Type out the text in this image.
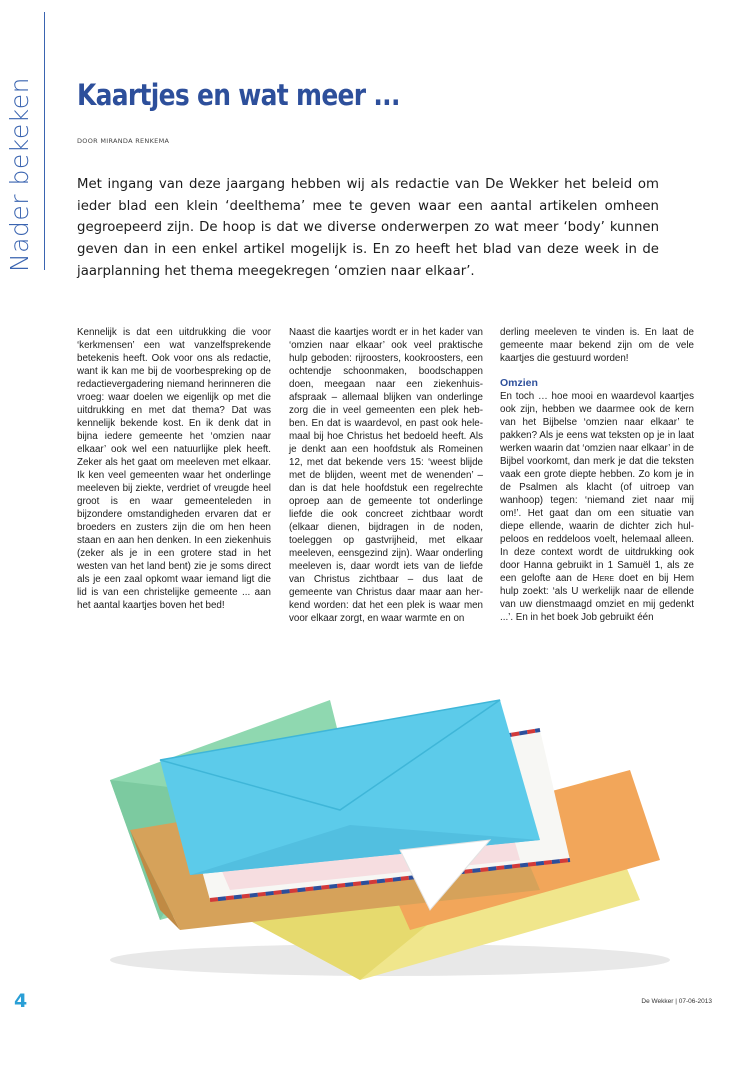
Nader bekeken Kaartjes en wat meer ...
DOOR MIRANDA RENKEMA

Met ingang van deze jaargang hebben wij als redactie van De Wekker het beleid om ieder blad een klein ‘deelthema’ mee te geven waar een aantal artikelen omheen gegroepeerd zijn. De hoop is dat we diverse onderwerpen zo wat meer ‘body’ kunnen geven dan in een enkel artikel mogelijk is. En zo heeft het blad van deze week in de jaarplanning het thema meegekregen ‘omzien naar elkaar’.

Kennelijk is dat een uitdrukking die voor ‘kerkmensen’ een wat vanzelfsprekende betekenis heeft. Ook voor ons als redactie, want ik kan me bij de voorbespreking op de redactievergadering niemand herinneren die vroeg: waar doelen we eigenlijk op met die uitdrukking en met dat thema? Dat was kennelijk bekende kost. En ik denk dat in bijna iedere gemeente het ‘omzien naar elkaar’ ook wel een natuurlijke plek heeft. Zeker als het gaat om meeleven met elkaar. Ik ken veel gemeenten waar het onderlinge meeleven bij ziekte, verdriet of vreugde heel groot is en waar gemeenteleden in bijzondere omstandigheden ervaren dat er broeders en zusters zijn die om hen heen staan en aan hen denken. In een ziekenhuis (zeker als je in een grotere stad in het westen van het land bent) zie je soms direct als je een zaal opkomt waar iemand ligt die lid is van een christelijke gemeente ... aan het aantal kaartjes boven het bed!

Naast die kaartjes wordt er in het kader van ‘omzien naar elkaar’ ook veel praktische hulp geboden: rijroosters, kookroosters, een ochtendje schoonmaken, boodschappen doen, meegaan naar een ziekenhuisafspraak – allemaal blijken van onderlinge zorg die in veel gemeenten een plek hebben. En dat is waardevol, en past ook helemaal bij hoe Christus het bedoeld heeft. Als je denkt aan een hoofdstuk als Romeinen 12, met dat bekende vers 15: ‘weest blijde met de blijden, weent met de wenenden’ – dan is dat hele hoofdstuk een regelrechte oproep aan de gemeente tot onderlinge liefde die ook concreet zichtbaar wordt (elkaar dienen, bijdragen in de noden, toeleggen op gastvrijheid, met elkaar meeleven, eensgezind zijn). Waar onderling meeleven is, daar wordt iets van de liefde van Christus zichtbaar – dus laat de gemeente van Christus daar maar aan herkend worden: dat het een plek is waar men voor elkaar zorgt, en waar warmte en on

derling meeleven te vinden is. En laat de gemeente maar bekend zijn om de vele kaartjes die gestuurd worden!

Omzien

En toch … hoe mooi en waardevol kaartjes ook zijn, hebben we daarmee ook de kern van het Bijbelse ‘omzien naar elkaar’ te pakken? Als je eens wat teksten op je in laat werken waarin dat ‘omzien naar elkaar’ in de Bijbel voorkomt, dan merk je dat die teksten vaak een grote diepte hebben. Zo kom je in de Psalmen als klacht (of uitroep van wanhoop) tegen: ‘niemand ziet naar mij om!’. Het gaat dan om een situatie van diepe ellende, waarin de dichter zich hulpeloos en reddeloos voelt, helemaal alleen. In deze context wordt de uitdrukking ook door Hanna gebruikt in 1 Samuël 1, als ze een gelofte aan de Here doet en bij Hem hulp zoekt: ‘als U werkelijk naar de ellende van uw dienstmaagd omziet en mij gedenkt ...’. En in het boek Job gebruikt één

4	De Wekker | 07-06-2013
